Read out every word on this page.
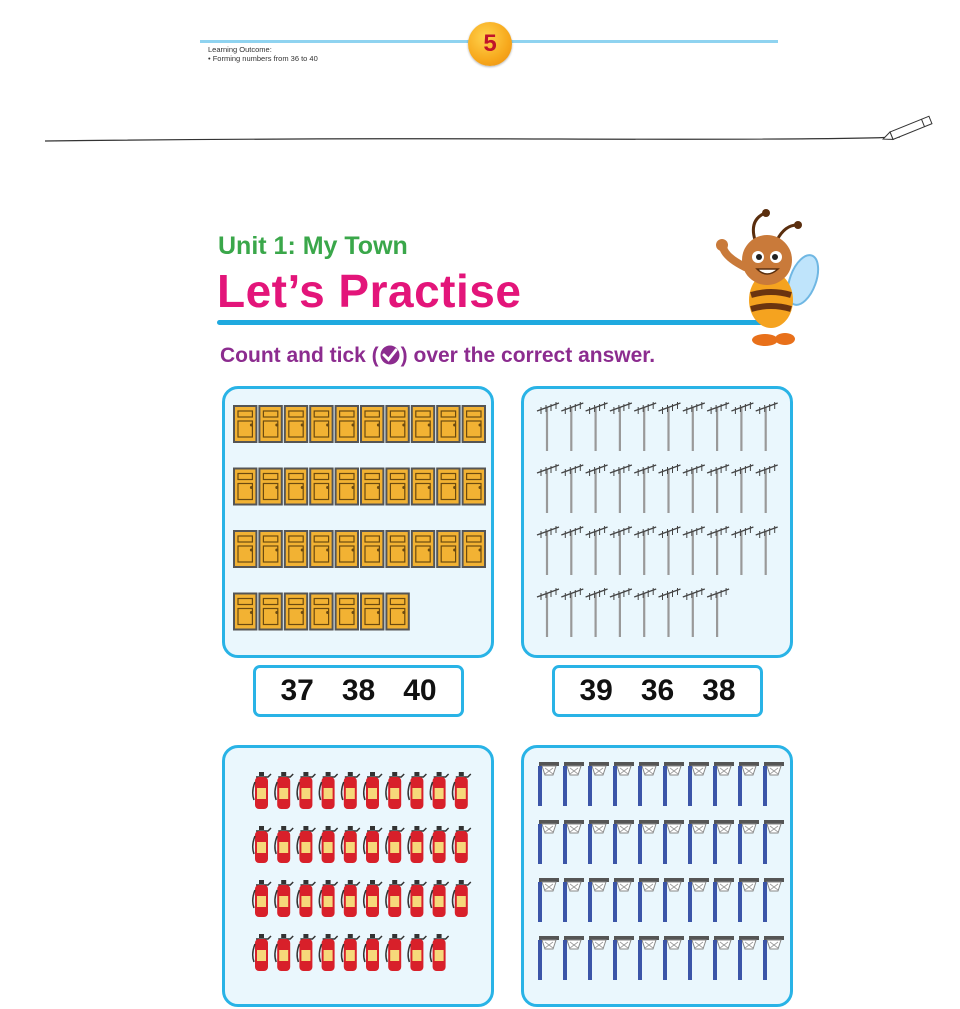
5
Learning Outcome:
• Forming numbers from 36 to 40
Unit 1: My Town
Let’s Practise
Count and tick ( ) over the correct answer.
37 38 40	39 36 38
